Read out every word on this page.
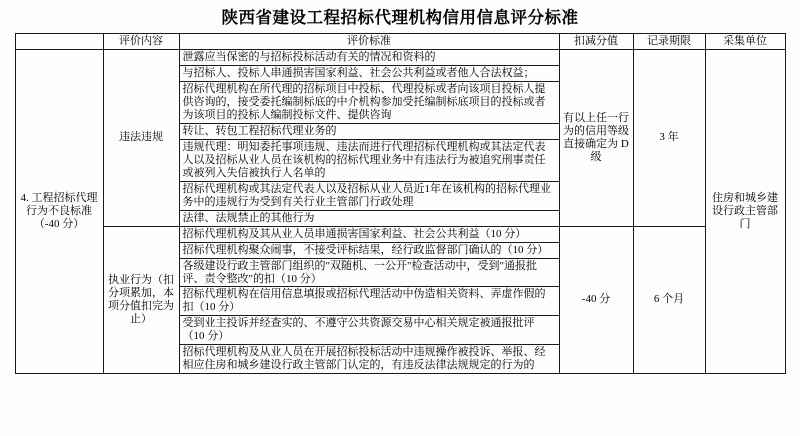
陕西省建设工程招标代理机构信用信息评分标准
	评价内容	评价标准	扣减分值	记录期限	采集单位
4. 工程招标代理行为不良标准（-40 分）	违法违规	泄露应当保密的与招标投标活动有关的情况和资料的	有以上任一行为的信用等级直接确定为 D 级	3 年	住房和城乡建设行政主管部门
		与招标人、投标人串通损害国家利益、社会公共利益或者他人合法权益；			
		招标代理机构在所代理的招标项目中投标、代理投标或者向该项目投标人提供咨询的，接受委托编制标底的中介机构参加受托编制标底项目的投标或者为该项目的投标人编制投标文件、提供咨询			
		转让、转包工程招标代理业务的			
		违规代理：明知委托事项违规、违法而进行代理招标代理机构或其法定代表人以及招标从业人员在该机构的招标代理业务中有违法行为被追究刑事责任或被列入失信被执行人名单的			
		招标代理机构或其法定代表人以及招标从业人员近1年在该机构的招标代理业务中的违规行为受到有关行业主管部门行政处理			
		法律、法规禁止的其他行为			
	执业行为（扣分项累加，本项分值扣完为止）	招标代理机构及其从业人员串通损害国家利益、社会公共利益（10 分）	-40 分	6 个月	
		招标代理机构聚众闹事，不接受评标结果，经行政监督部门确认的（10 分）			
		各级建设行政主管部门组织的"双随机、一公开"检查活动中，受到"通报批评、责令整改"的扣（10 分）			
		招标代理机构在信用信息填报或招标代理活动中伪造相关资料、弄虚作假的扣（10 分）			
		受到业主投诉并经查实的、不遵守公共资源交易中心相关规定被通报批评（10 分）			
		招标代理机构及从业人员在开展招标投标活动中违规操作被投诉、举报、经相应住房和城乡建设行政主管部门认定的，有违反法律法规规定的行为的			
